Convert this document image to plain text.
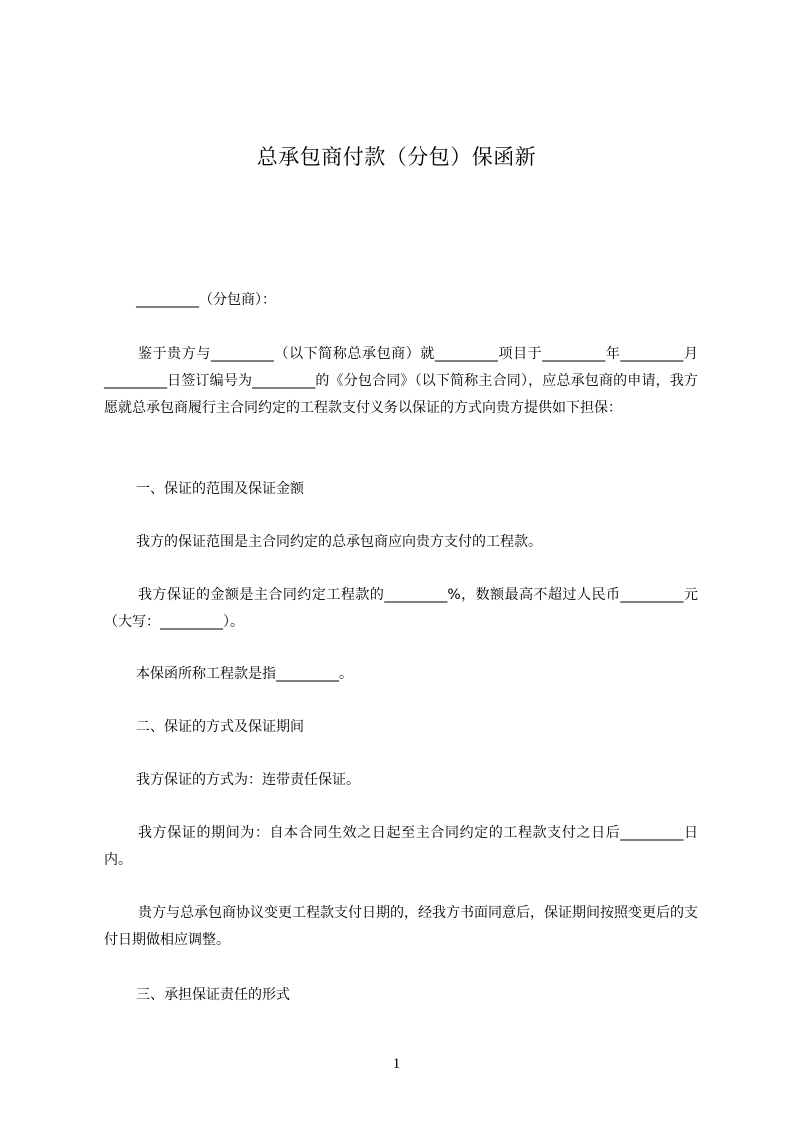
总承包商付款（分包）保函新

_________（分包商）：

鉴于贵方与_________（以下简称总承包商）就_________项目于_________年_________月_________日签订编号为_________的《分包合同》（以下简称主合同），应总承包商的申请，我方愿就总承包商履行主合同约定的工程款支付义务以保证的方式向贵方提供如下担保：

一、保证的范围及保证金额

我方的保证范围是主合同约定的总承包商应向贵方支付的工程款。

我方保证的金额是主合同约定工程款的_________%，数额最高不超过人民币_________元（大写：_________）。

本保函所称工程款是指_________。

二、保证的方式及保证期间

我方保证的方式为：连带责任保证。

我方保证的期间为：自本合同生效之日起至主合同约定的工程款支付之日后_________日内。

贵方与总承包商协议变更工程款支付日期的，经我方书面同意后，保证期间按照变更后的支付日期做相应调整。

三、承担保证责任的形式

1
